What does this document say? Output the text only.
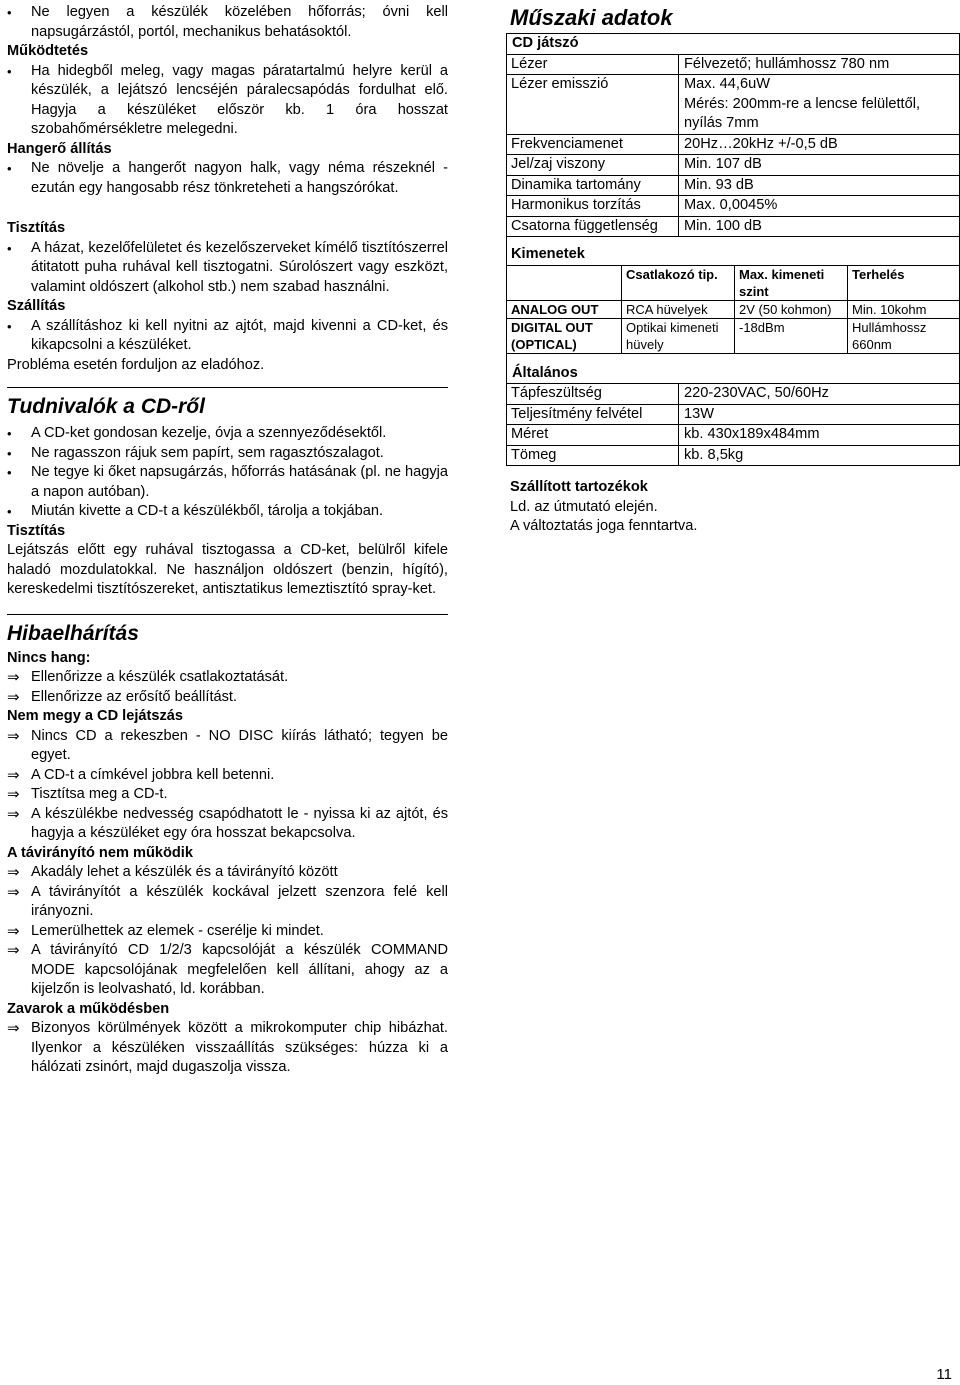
• Ne legyen a készülék közelében hőforrás; óvni kell napsugárzástól, portól, mechanikus behatásoktól.

Működtetés

• Ha hidegből meleg, vagy magas páratartalmú helyre kerül a készülék, a lejátszó lencséjén páralecsapódás fordulhat elő. Hagyja a készüléket először kb. 1 óra hosszat szobahőmérsékletre melegedni.

Hangerő állítás

• Ne növelje a hangerőt nagyon halk, vagy néma részeknél - ezután egy hangosabb rész tönkreteheti a hangszórókat.

Tisztítás

• A házat, kezelőfelületet és kezelőszerveket kímélő tisztítószerrel átitatott puha ruhával kell tisztogatni. Súrolószert vagy eszközt, valamint oldószert (alkohol stb.) nem szabad használni.

Szállítás

• A szállításhoz ki kell nyitni az ajtót, majd kivenni a CD-ket, és kikapcsolni a készüléket.

Probléma esetén forduljon az eladóhoz.

Tudnivalók a CD-ről
• A CD-ket gondosan kezelje, óvja a szennyeződésektől.
• Ne ragasszon rájuk sem papírt, sem ragasztószalagot.
• Ne tegye ki őket napsugárzás, hőforrás hatásának (pl. ne hagyja a napon autóban).
• Miután kivette a CD-t a készülékből, tárolja a tokjában.

Tisztítás

Lejátszás előtt egy ruhával tisztogassa a CD-ket, belülről kifele haladó mozdulatokkal. Ne használjon oldószert (benzin, hígító), kereskedelmi tisztítószereket, antisztatikus lemeztisztító spray-ket.

Hibaelhárítás

Nincs hang:

⇒ Ellenőrizze a készülék csatlakoztatását.
⇒ Ellenőrizze az erősítő beállítást.

Nem megy a CD lejátszás

⇒ Nincs CD a rekeszben - NO DISC kiírás látható; tegyen be egyet.
⇒ A CD-t a címkével jobbra kell betenni.
⇒ Tisztítsa meg a CD-t.
⇒ A készülékbe nedvesség csapódhatott le - nyissa ki az ajtót, és hagyja a készüléket egy óra hosszat bekapcsolva.

A távirányító nem működik

⇒ Akadály lehet a készülék és a távirányító között
⇒ A távirányítót a készülék kockával jelzett szenzora felé kell irányozni.
⇒ Lemerülhettek az elemek - cserélje ki mindet.
⇒ A távirányító CD 1/2/3 kapcsolóját a készülék COMMAND MODE kapcsolójának megfelelően kell állítani, ahogy az a kijelzőn is leolvasható, ld. korábban.

Zavarok a működésben

⇒ Bizonyos körülmények között a mikrokomputer chip hibázhat. Ilyenkor a készüléken visszaállítás szükséges: húzza ki a hálózati zsinórt, majd dugaszolja vissza.
Műszaki adatok
CD játszó	
Lézer	Félvezető; hullámhossz 780 nm
Lézer emisszió	Max. 44,6uW
Mérés: 200mm-re a lencse felülettől, nyílás 7mm
Frekvenciamenet	20Hz…20kHz +/-0,5 dB
Jel/zaj viszony	Min. 107 dB
Dinamika tartomány	Min. 93 dB
Harmonikus torzítás	Max. 0,0045%
Csatorna függetlenség	Min. 100 dB
Kimenetek			
	Csatlakozó tip.	Max. kimeneti szint	Terhelés
ANALOG OUT	RCA hüvelyek	2V (50 kohmon)	Min. 10kohm
DIGITAL OUT (OPTICAL)	Optikai kimeneti hüvely	-18dBm	Hullámhossz 660nm
Általános	
Tápfeszültség	220-230VAC, 50/60Hz
Teljesítmény felvétel	13W
Méret	kb. 430x189x484mm
Tömeg	kb. 8,5kg

Szállított tartozékok

Ld. az útmutató elején.

A változtatás joga fenntartva.

11
